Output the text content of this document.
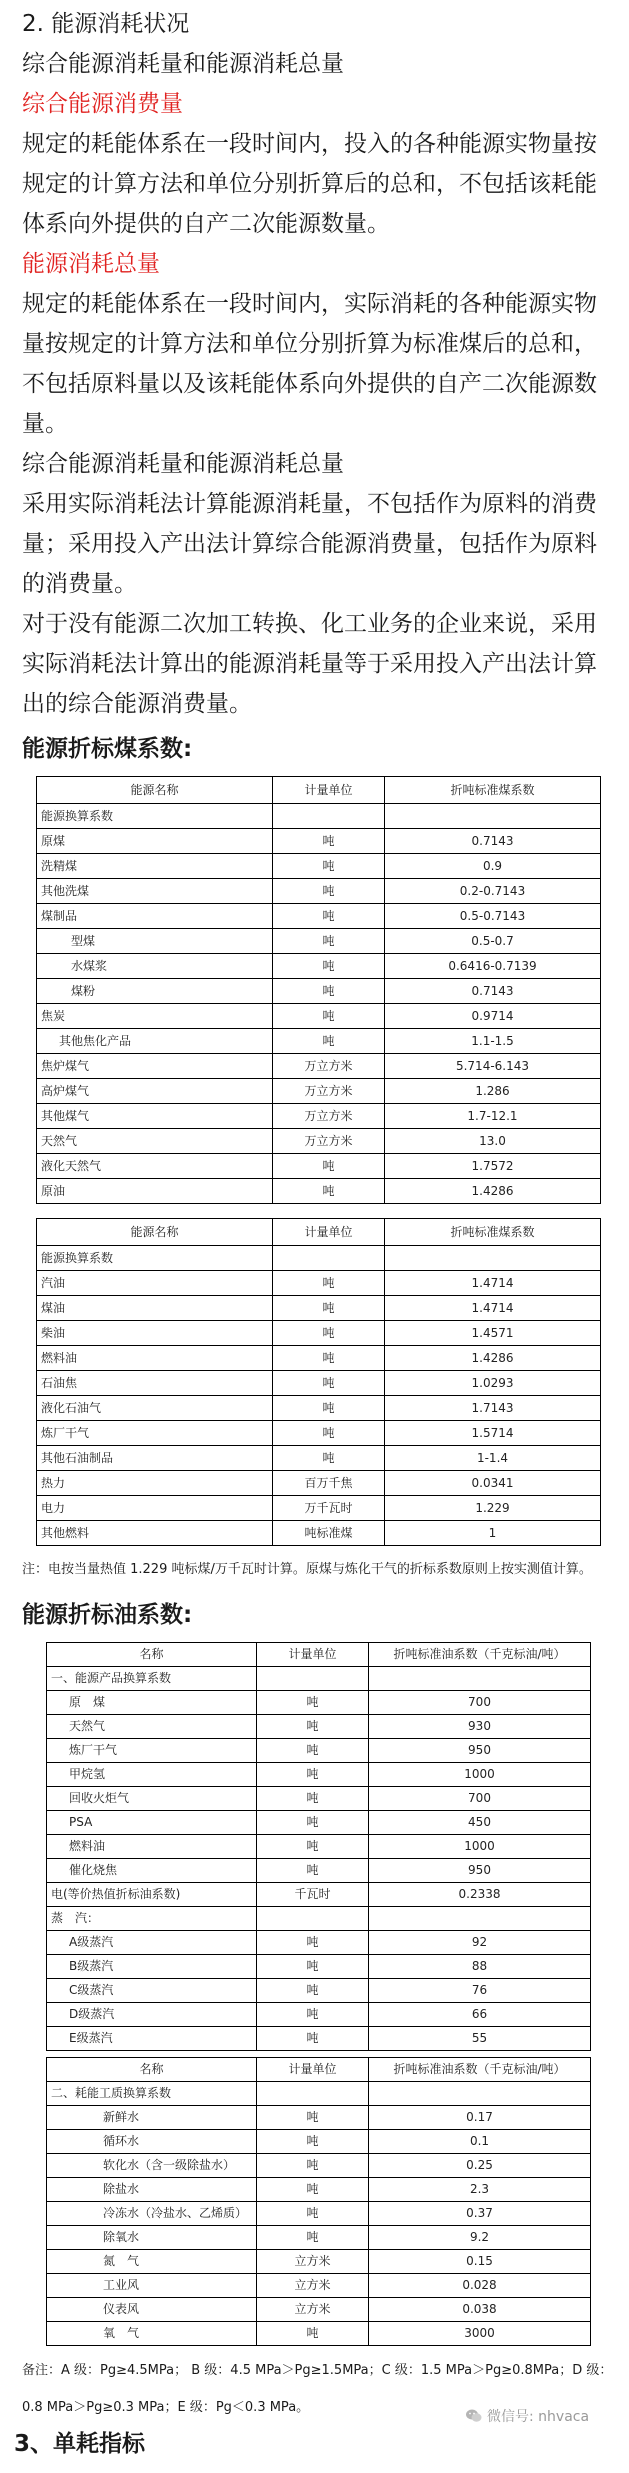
2. 能源消耗状况

综合能源消耗量和能源消耗总量

综合能源消费量

规定的耗能体系在一段时间内，投入的各种能源实物量按规定的计算方法和单位分别折算后的总和，不包括该耗能体系向外提供的自产二次能源数量。

能源消耗总量

规定的耗能体系在一段时间内，实际消耗的各种能源实物量按规定的计算方法和单位分别折算为标准煤后的总和，不包括原料量以及该耗能体系向外提供的自产二次能源数量。

综合能源消耗量和能源消耗总量

采用实际消耗法计算能源消耗量，不包括作为原料的消费量；采用投入产出法计算综合能源消费量，包括作为原料的消费量。

对于没有能源二次加工转换、化工业务的企业来说，采用实际消耗法计算出的能源消耗量等于采用投入产出法计算出的综合能源消费量。

能源折标煤系数:

能源名称	计量单位	折吨标准煤系数
能源换算系数		
原煤	吨	0.7143
洗精煤	吨	0.9
其他洗煤	吨	0.2-0.7143
煤制品	吨	0.5-0.7143
型煤	吨	0.5-0.7
水煤浆	吨	0.6416-0.7139
煤粉	吨	0.7143
焦炭	吨	0.9714
其他焦化产品	吨	1.1-1.5
焦炉煤气	万立方米	5.714-6.143
高炉煤气	万立方米	1.286
其他煤气	万立方米	1.7-12.1
天然气	万立方米	13.0
液化天然气	吨	1.7572
原油	吨	1.4286
能源名称	计量单位	折吨标准煤系数
能源换算系数		
汽油	吨	1.4714
煤油	吨	1.4714
柴油	吨	1.4571
燃料油	吨	1.4286
石油焦	吨	1.0293
液化石油气	吨	1.7143
炼厂干气	吨	1.5714
其他石油制品	吨	1-1.4
热力	百万千焦	0.0341
电力	万千瓦时	1.229
其他燃料	吨标准煤	1

注：电按当量热值 1.229 吨标煤/万千瓦时计算。原煤与炼化干气的折标系数原则上按实测值计算。

能源折标油系数:

名称	计量单位	折吨标准油系数（千克标油/吨）
一、能源产品换算系数		
原　煤	吨	700
天然气	吨	930
炼厂干气	吨	950
甲烷氢	吨	1000
回收火炬气	吨	700
PSA	吨	450
燃料油	吨	1000
催化烧焦	吨	950
电(等价热值折标油系数)	千瓦时	0.2338
蒸　汽：		
A级蒸汽	吨	92
B级蒸汽	吨	88
C级蒸汽	吨	76
D级蒸汽	吨	66
E级蒸汽	吨	55
名称	计量单位	折吨标准油系数（千克标油/吨）
二、耗能工质换算系数		
新鲜水	吨	0.17
循环水	吨	0.1
软化水（含一级除盐水）	吨	0.25
除盐水	吨	2.3
冷冻水（冷盐水、乙烯质）	吨	0.37
除氧水	吨	9.2
氮　气	立方米	0.15
工业风	立方米	0.028
仪表风	立方米	0.038
氧　气	吨	3000

备注：A 级：Pg≥4.5MPa； B 级：4.5 MPa＞Pg≥1.5MPa；C 级：1.5 MPa＞Pg≥0.8MPa；D 级：0.8 MPa＞Pg≥0.3 MPa；E 级：Pg＜0.3 MPa。

微信号: nhvaca

3、单耗指标
